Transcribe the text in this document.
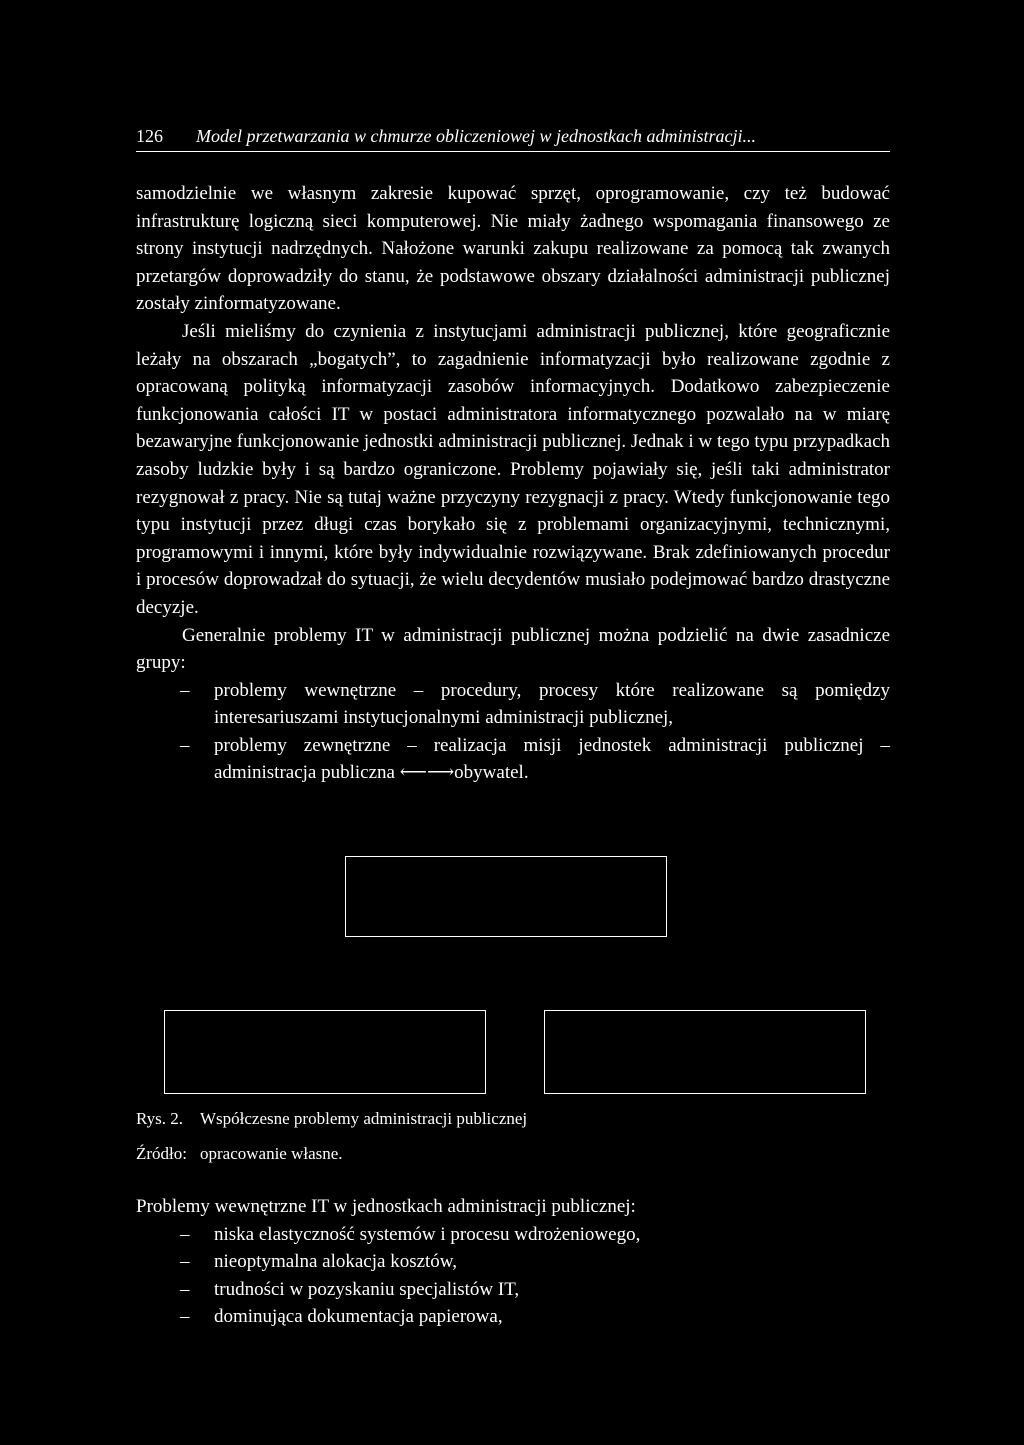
126 Model przetwarzania w chmurze obliczeniowej w jednostkach administracji...

samodzielnie we własnym zakresie kupować sprzęt, oprogramowanie, czy też budować infrastrukturę logiczną sieci komputerowej. Nie miały żadnego wspomagania finansowego ze strony instytucji nadrzędnych. Nałożone warunki zakupu realizowane za pomocą tak zwanych przetargów doprowadziły do stanu, że podstawowe obszary działalności administracji publicznej zostały zinformatyzowane.

Jeśli mieliśmy do czynienia z instytucjami administracji publicznej, które geograficznie leżały na obszarach „bogatych”, to zagadnienie informatyzacji było realizowane zgodnie z opracowaną polityką informatyzacji zasobów informacyjnych. Dodatkowo zabezpieczenie funkcjonowania całości IT w postaci administratora informatycznego pozwalało na w miarę bezawaryjne funkcjonowanie jednostki administracji publicznej. Jednak i w tego typu przypadkach zasoby ludzkie były i są bardzo ograniczone. Problemy pojawiały się, jeśli taki administrator rezygnował z pracy. Nie są tutaj ważne przyczyny rezygnacji z pracy. Wtedy funkcjonowanie tego typu instytucji przez długi czas borykało się z problemami organizacyjnymi, technicznymi, programowymi i innymi, które były indywidualnie rozwiązywane. Brak zdefiniowanych procedur i procesów doprowadzał do sytuacji, że wielu decydentów musiało podejmować bardzo drastyczne decyzje.

Generalnie problemy IT w administracji publicznej można podzielić na dwie zasadnicze grupy:

– problemy wewnętrzne – procedury, procesy które realizowane są pomiędzy interesariuszami instytucjonalnymi administracji publicznej,
– problemy zewnętrzne – realizacja misji jednostek administracji publicznej – administracja publiczna ⟵⟶obywatel.
Rys. 2. Współczesne problemy administracji publicznej
Źródło: opracowanie własne.

Problemy wewnętrzne IT w jednostkach administracji publicznej:

– niska elastyczność systemów i procesu wdrożeniowego,
– nieoptymalna alokacja kosztów,
– trudności w pozyskaniu specjalistów IT,
– dominująca dokumentacja papierowa,
